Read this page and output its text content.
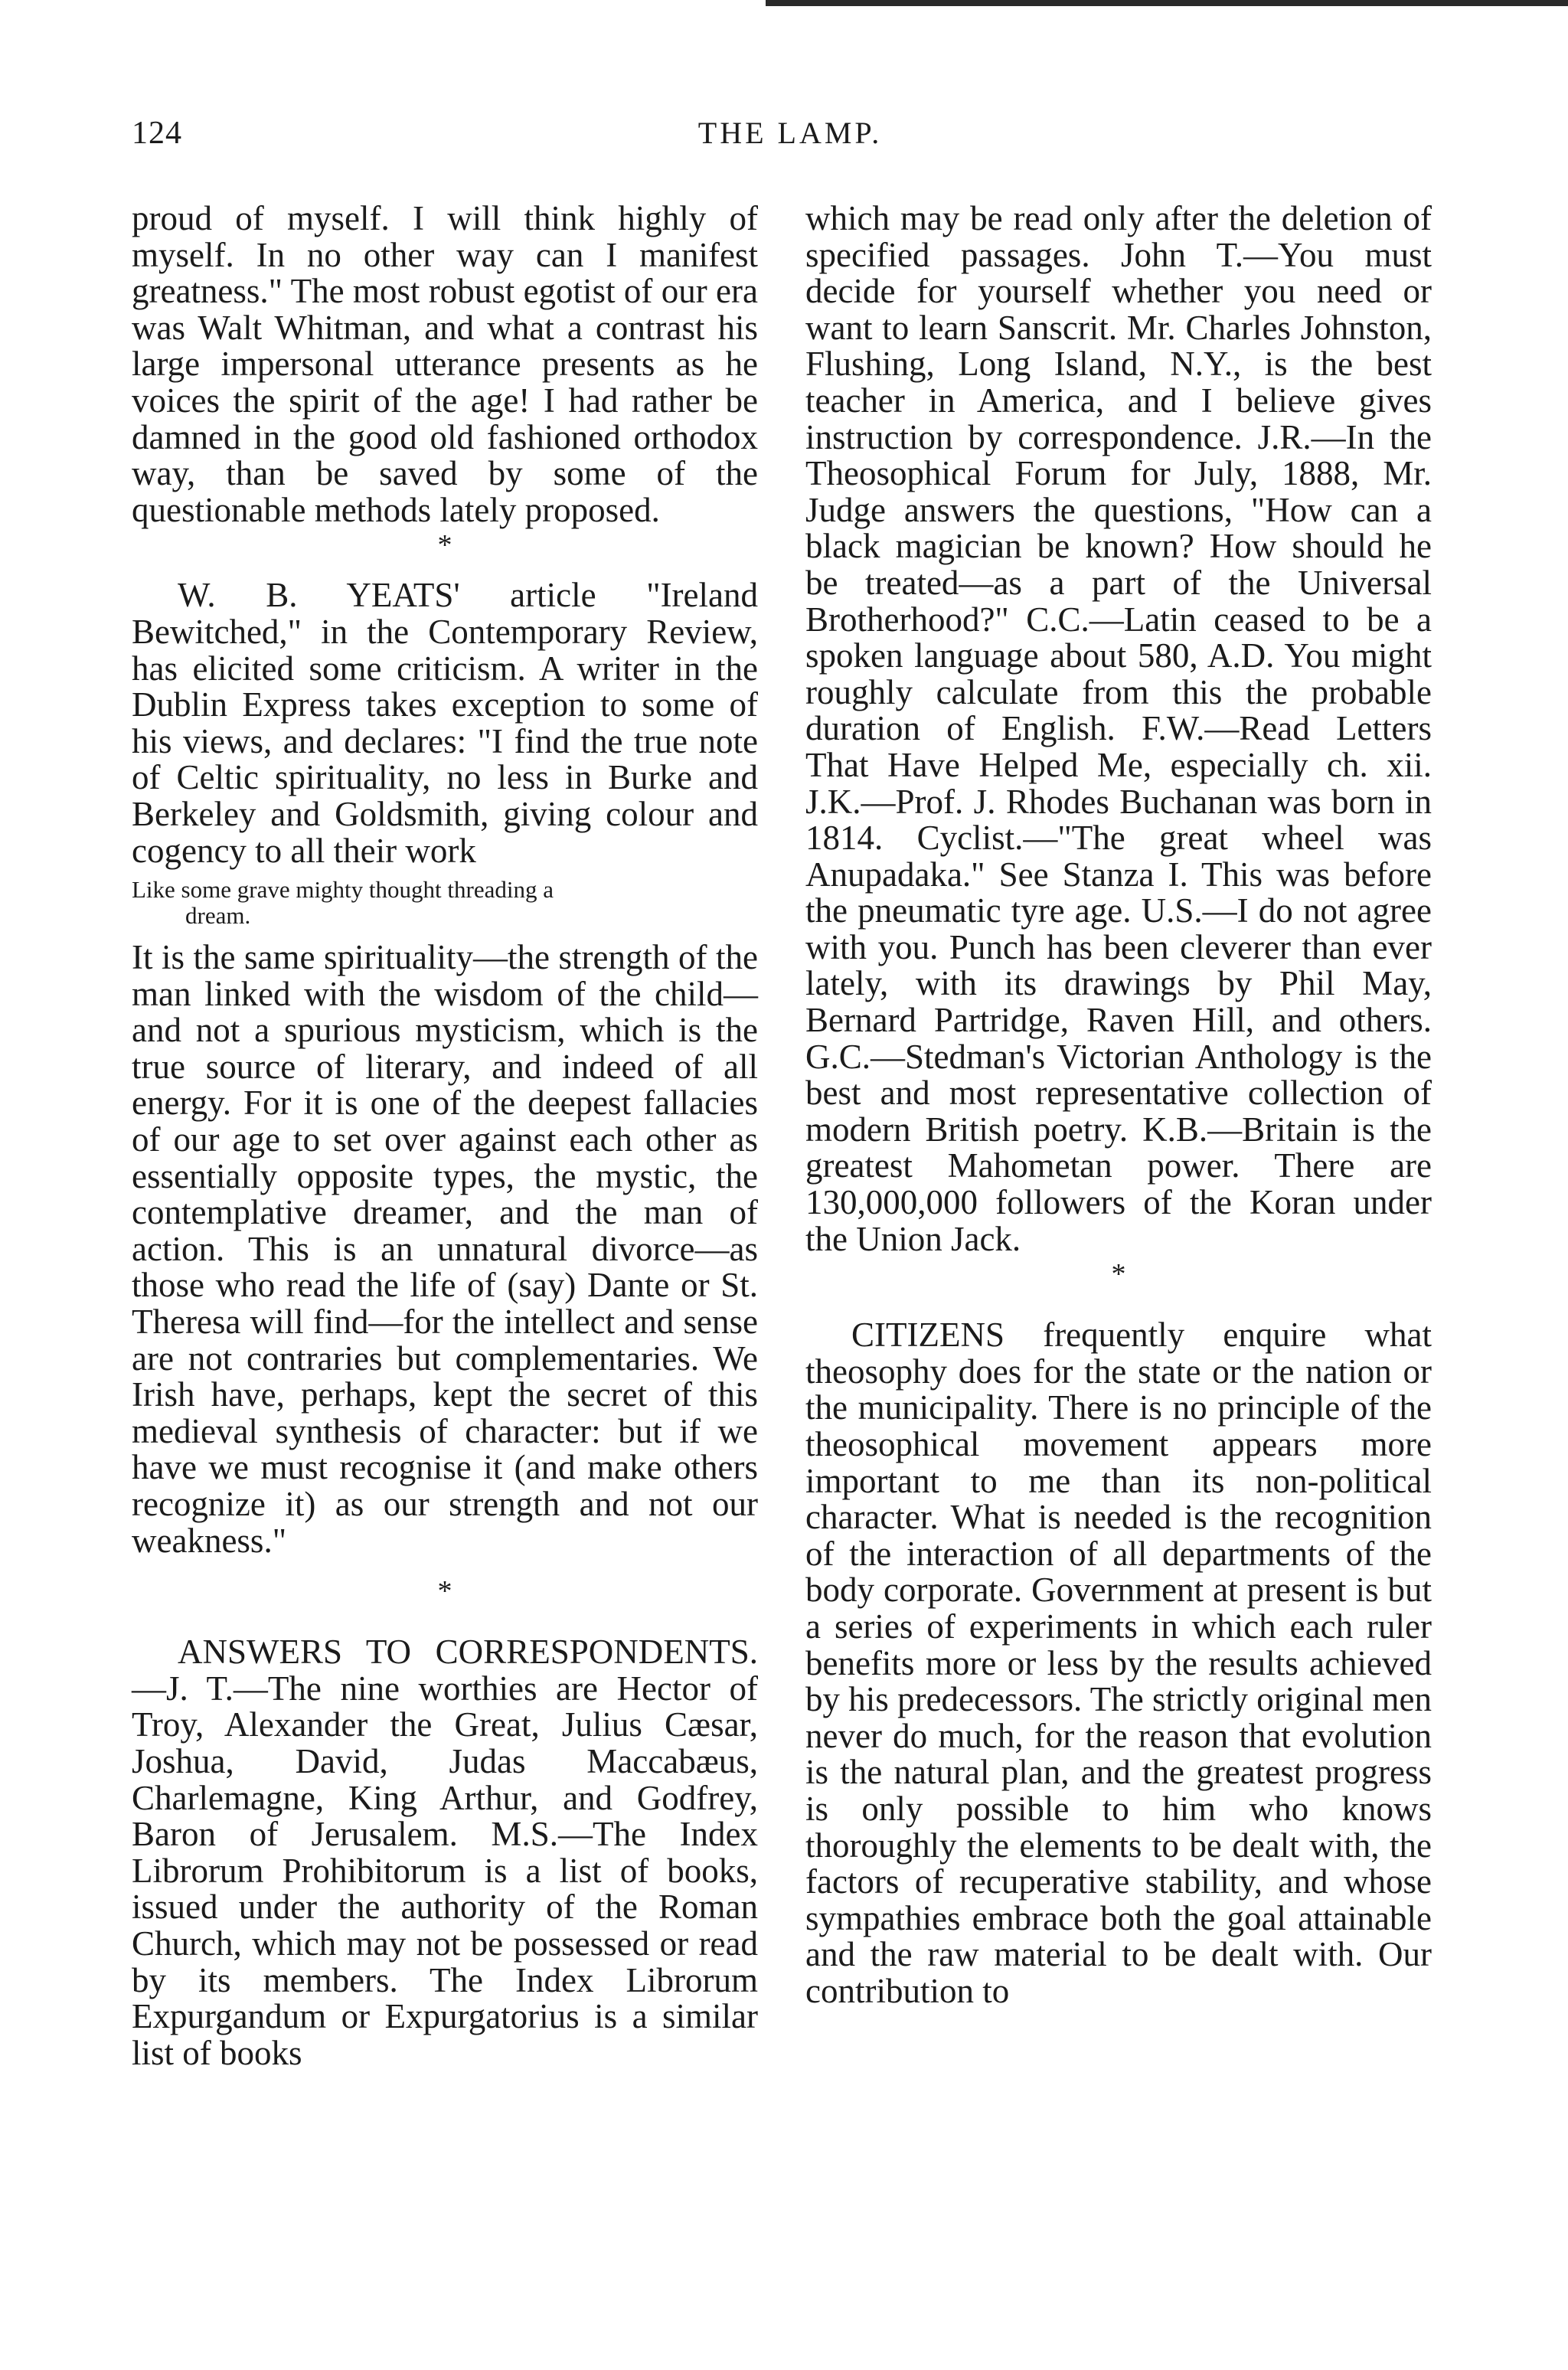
124	THE LAMP.

proud of myself. I will think highly of myself. In no other way can I manifest greatness." The most robust egotist of our era was Walt Whitman, and what a contrast his large impersonal utterance presents as he voices the spirit of the age! I had rather be damned in the good old fashioned orthodox way, than be saved by some of the questionable methods lately proposed.

*

W. B. YEATS' article "Ireland Bewitched," in the Contemporary Review, has elicited some criticism. A writer in the Dublin Express takes exception to some of his views, and declares: "I find the true note of Celtic spirituality, no less in Burke and Berkeley and Goldsmith, giving colour and cogency to all their work

Like some grave mighty thought threading a
dream.

It is the same spirituality—the strength of the man linked with the wisdom of the child—and not a spurious mysticism, which is the true source of literary, and indeed of all energy. For it is one of the deepest fallacies of our age to set over against each other as essentially opposite types, the mystic, the contemplative dreamer, and the man of action. This is an unnatural divorce—as those who read the life of (say) Dante or St. Theresa will find—for the intellect and sense are not contraries but complementaries. We Irish have, perhaps, kept the secret of this medieval synthesis of character: but if we have we must recognise it (and make others recognize it) as our strength and not our weakness."

*

ANSWERS TO CORRESPONDENTS.—J. T.—The nine worthies are Hector of Troy, Alexander the Great, Julius Cæsar, Joshua, David, Judas Maccabæus, Charlemagne, King Arthur, and Godfrey, Baron of Jerusalem. M.S.—The Index Librorum Prohibitorum is a list of books, issued under the authority of the Roman Church, which may not be possessed or read by its members. The Index Librorum Expurgandum or Expurgatorius is a similar list of books

which may be read only after the deletion of specified passages. John T.—You must decide for yourself whether you need or want to learn Sanscrit. Mr. Charles Johnston, Flushing, Long Island, N.Y., is the best teacher in America, and I believe gives instruction by correspondence. J.R.—In the Theosophical Forum for July, 1888, Mr. Judge answers the questions, "How can a black magician be known? How should he be treated—as a part of the Universal Brotherhood?" C.C.—Latin ceased to be a spoken language about 580, A.D. You might roughly calculate from this the probable duration of English. F.W.—Read Letters That Have Helped Me, especially ch. xii. J.K.—Prof. J. Rhodes Buchanan was born in 1814. Cyclist.—"The great wheel was Anupadaka." See Stanza I. This was before the pneumatic tyre age. U.S.—I do not agree with you. Punch has been cleverer than ever lately, with its drawings by Phil May, Bernard Partridge, Raven Hill, and others. G.C.—Stedman's Victorian Anthology is the best and most representative collection of modern British poetry. K.B.—Britain is the greatest Mahometan power. There are 130,000,000 followers of the Koran under the Union Jack.

*

CITIZENS frequently enquire what theosophy does for the state or the nation or the municipality. There is no principle of the theosophical movement appears more important to me than its non-political character. What is needed is the recognition of the interaction of all departments of the body corporate. Government at present is but a series of experiments in which each ruler benefits more or less by the results achieved by his predecessors. The strictly original men never do much, for the reason that evolution is the natural plan, and the greatest progress is only possible to him who knows thoroughly the elements to be dealt with, the factors of recuperative stability, and whose sympathies embrace both the goal attainable and the raw material to be dealt with. Our contribution to
